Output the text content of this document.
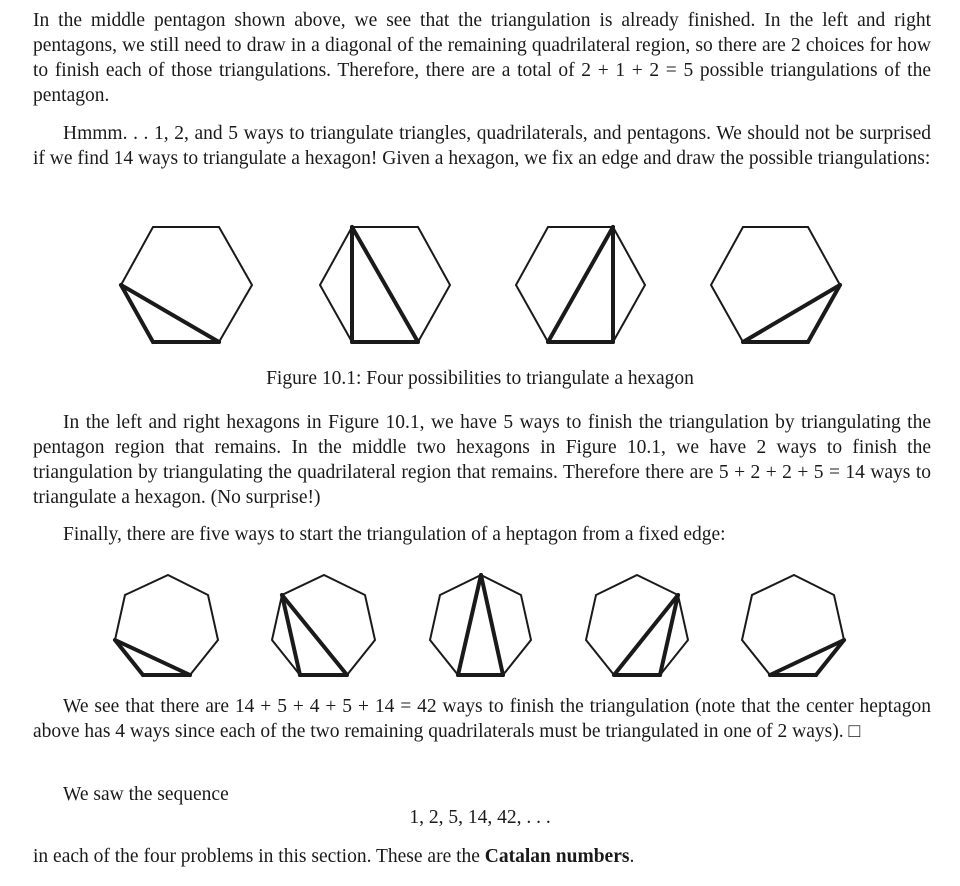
In the middle pentagon shown above, we see that the triangulation is already finished. In the left and right pentagons, we still need to draw in a diagonal of the remaining quadrilateral region, so there are 2 choices for how to finish each of those triangulations. Therefore, there are a total of 2 + 1 + 2 = 5 possible triangulations of the pentagon.

Hmmm. . . 1, 2, and 5 ways to triangulate triangles, quadrilaterals, and pentagons. We should not be surprised if we find 14 ways to triangulate a hexagon! Given a hexagon, we fix an edge and draw the possible triangulations:

Figure 10.1: Four possibilities to triangulate a hexagon

In the left and right hexagons in Figure 10.1, we have 5 ways to finish the triangulation by triangulating the pentagon region that remains. In the middle two hexagons in Figure 10.1, we have 2 ways to finish the triangulation by triangulating the quadrilateral region that remains. Therefore there are 5 + 2 + 2 + 5 = 14 ways to triangulate a hexagon. (No surprise!)

Finally, there are five ways to start the triangulation of a heptagon from a fixed edge:

We see that there are 14 + 5 + 4 + 5 + 14 = 42 ways to finish the triangulation (note that the center heptagon above has 4 ways since each of the two remaining quadrilaterals must be triangulated in one of 2 ways). □

We saw the sequence

1, 2, 5, 14, 42, . . .

in each of the four problems in this section. These are the Catalan numbers.
